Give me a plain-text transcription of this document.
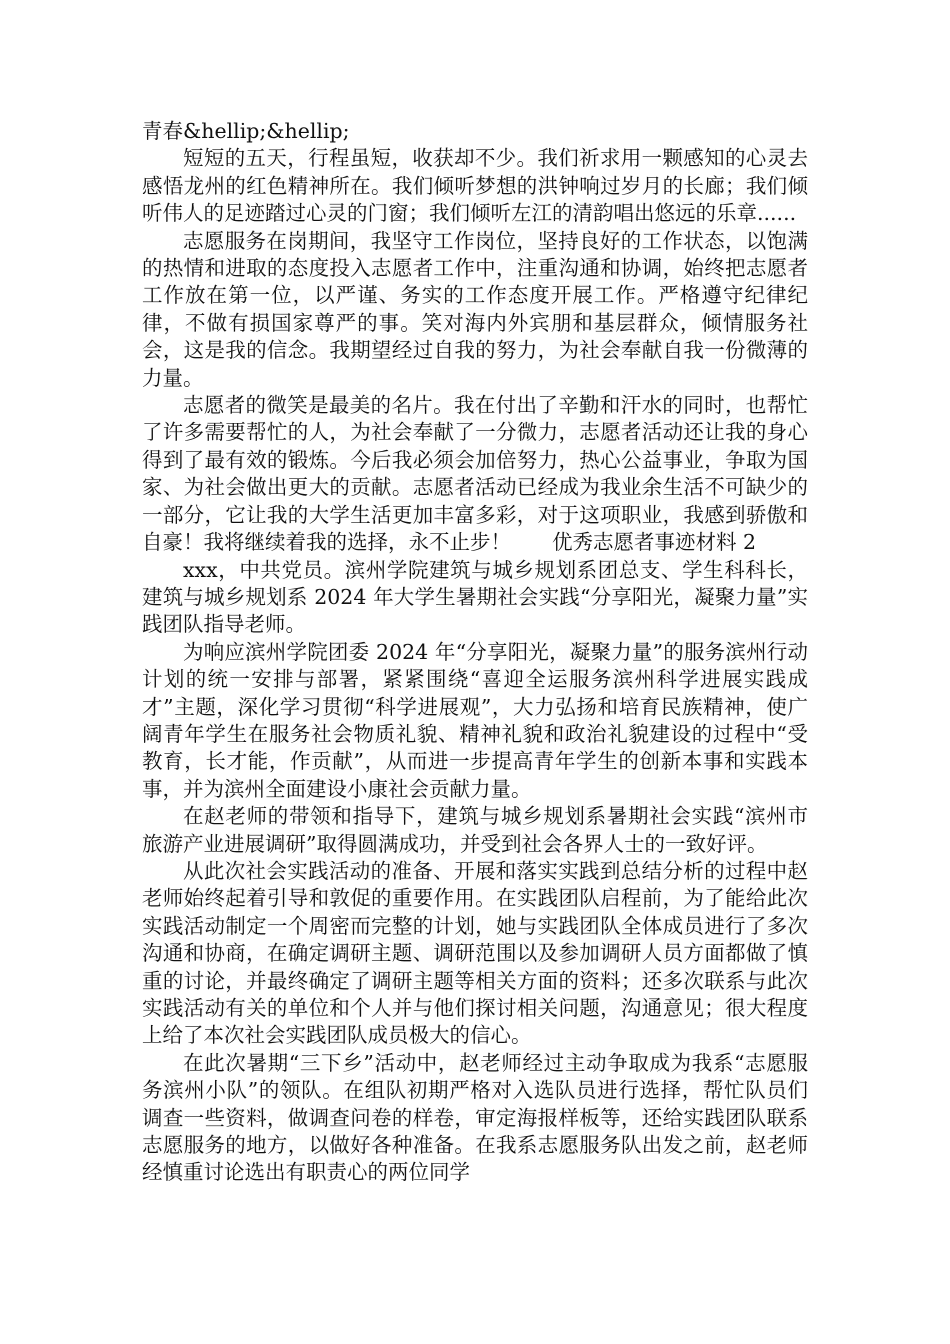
青春&hellip;&hellip;

短短的五天，行程虽短，收获却不少。我们祈求用一颗感知的心灵去感悟龙州的红色精神所在。我们倾听梦想的洪钟响过岁月的长廊；我们倾听伟人的足迹踏过心灵的门窗；我们倾听左江的清韵唱出悠远的乐章......

志愿服务在岗期间，我坚守工作岗位，坚持良好的工作状态，以饱满的热情和进取的态度投入志愿者工作中，注重沟通和协调，始终把志愿者工作放在第一位，以严谨、务实的工作态度开展工作。严格遵守纪律纪律，不做有损国家尊严的事。笑对海内外宾朋和基层群众，倾情服务社会，这是我的信念。我期望经过自我的努力，为社会奉献自我一份微薄的力量。

志愿者的微笑是最美的名片。我在付出了辛勤和汗水的同时，也帮忙了许多需要帮忙的人，为社会奉献了一分微力，志愿者活动还让我的身心得到了最有效的锻炼。今后我必须会加倍努力，热心公益事业，争取为国家、为社会做出更大的贡献。志愿者活动已经成为我业余生活不可缺少的一部分，它让我的大学生活更加丰富多彩，对于这项职业，我感到骄傲和自豪！我将继续着我的选择，永不止步！　　优秀志愿者事迹材料 2

xxx，中共党员。滨州学院建筑与城乡规划系团总支、学生科科长，建筑与城乡规划系 2024 年大学生暑期社会实践“分享阳光，凝聚力量”实践团队指导老师。

为响应滨州学院团委 2024 年“分享阳光，凝聚力量”的服务滨州行动计划的统一安排与部署，紧紧围绕“喜迎全运服务滨州科学进展实践成才”主题，深化学习贯彻“科学进展观”，大力弘扬和培育民族精神，使广阔青年学生在服务社会物质礼貌、精神礼貌和政治礼貌建设的过程中“受教育，长才能，作贡献”，从而进一步提高青年学生的创新本事和实践本事，并为滨州全面建设小康社会贡献力量。

在赵老师的带领和指导下，建筑与城乡规划系暑期社会实践“滨州市旅游产业进展调研”取得圆满成功，并受到社会各界人士的一致好评。

从此次社会实践活动的准备、开展和落实实践到总结分析的过程中赵老师始终起着引导和敦促的重要作用。在实践团队启程前，为了能给此次实践活动制定一个周密而完整的计划，她与实践团队全体成员进行了多次沟通和协商，在确定调研主题、调研范围以及参加调研人员方面都做了慎重的讨论，并最终确定了调研主题等相关方面的资料；还多次联系与此次实践活动有关的单位和个人并与他们探讨相关问题，沟通意见；很大程度上给了本次社会实践团队成员极大的信心。

在此次暑期“三下乡”活动中，赵老师经过主动争取成为我系“志愿服务滨州小队”的领队。在组队初期严格对入选队员进行选择，帮忙队员们调查一些资料，做调查问卷的样卷，审定海报样板等，还给实践团队联系志愿服务的地方，以做好各种准备。在我系志愿服务队出发之前，赵老师经慎重讨论选出有职责心的两位同学
